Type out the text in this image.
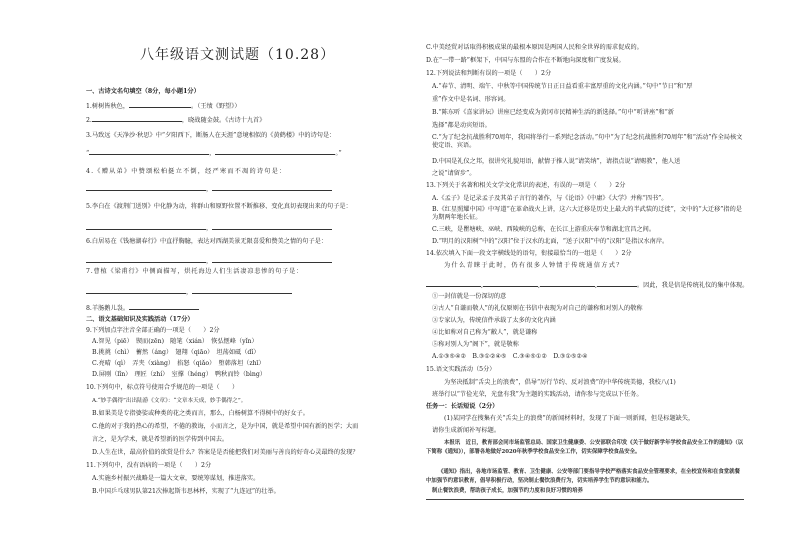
八年级语文测试题（10.28）
一、古诗文名句填空（8分，每小题1分）
1.树树皆秋色，	。（王绩《野望》）
2.	，晓战随金鼓。《古诗十九首》
3.马致远《天净沙·秋思》中“夕阳西下，断肠人在天涯”意境相似的《黄鹤楼》中的诗句是：
“	，	。”
4.《赠从弟》中赞颂松柏挺立不倒，经严寒而不凋的诗句是：
，
5.李白在《渡荆门送别》中化静为动，将群山和原野位置不断推移、变化真切表现出来的句子是：
，
6.白居易在《钱塘湖春行》中直抒胸臆，表达对西湖美景无限喜爱和赞美之情的句子是：
，
7.曹植《梁甫行》中侧面描写，烘托海边人们生活凄凉悲惨的句子是：
，
8.羊肠鹅儿袅。
二、语文基础知识及实践活动（17分）
9.下列加点字注音全部正确的一项是（　　）2分
A.智见（piē）　锲而(zēn)　随笔（xián）　恢弘惬峰（yǐn）
B.挑挑（chì）　蓄然（áng）　翅翔（qiāo）　坦荡如砥（dǐ）
C.亮晴（qì）　弄夹（xiàng）　掐怒（qiǎo）　堕韩落坦（zhī）
D.屏刚（lǐn）　理匠（zhí）　室撑（héng）　鸭秋而铃（bìng）
10.下列句中，标点符号使用合乎规范的一项是（　　）
A.“妙手偶得”出出陆游《文章》：“文章本天成，妙手偶得之”。
B.如果美是专指婆娑或种类的花之类而言，那么，白杨树算不得树中的好女子。
C.他的对于我的热心的希望，不倦的教诲，小而言之，是为中国，就是希望中国有新的医学；大而
言之，是为学术，就是希望新的医学传到中国去。
D.人生在世，最高价值的欲赏是什么？答案是是否能把我们对美丽与善良的好奇心灵最终的发现？
11.下列句中，没有语病的一项是（　　）2分
A.实施乡村振兴战略是一篇大文章，要统筹谋划，推进落实。
B.中国乒乓球男队第21次捧起斯韦思林杯，实现了“九连冠”的壮举。
C.中美经贸对话取得积极成果的最根本原因是两国人民和全世界的需求促成的。
D.在“一带一路”框架下，中国与东盟的合作在不断地向深度和广度发展。
12.下列说法和判断有误的一项是（　　）2分
A.“春节、清明、端午、中秋等中国传统节日正日益看重丰富厚重的文化内涵。”句中“节日”和“厚
重”作文中是名词、形容词。
B.“陈东听《喜家讲坛》讲座已经变成为黄冈市民精神生活的新选择。”句中“听讲座”和“新
选择”都是动宾短语。
C.“为了纪念抗战胜利70周年，我国将举行一系列纪念活动。”句中“为了纪念抗战胜利70周年”和“活动”作全局核文使定语、宾语。
D.中国是礼仪之邦，很讲究礼貌用语，献情于推人说“请笑纳”，请指点说“请赐教”，他人送
之说“请留步”。
13.下列关于名著和相关文学文化常识的表述，有误的一项是（　　）2分
A.《孟子》是记录孟子及其弟子言行的著作，与《论语》《中庸》《大学》并称“四书”。
B.《红星照耀中国》中写道“在革命战火上讲，这六大迁移是历史上最大的半武装的迁徙”，文中的“大迁移”指的是为期两年地长征。
C.三峡，是瞿塘峡、巫峡、西陵峡的总称，在长江上游重庆奉节和湖北宜昌之间。
D.“明月的汉阳树”中的“汉阳”位于汉水的北面，“送子汉阳”中的“汉阳”是指汉水南岸。
14.依次填入下面一段文字横线处的语句，衔接最恰当的一组是（　　）2分
为什么青睐于此时，仍有很多人钟情于传统通信方式？
,	,	,	。因此，我是信是传统礼仪的集中体现。
①一封信就是一份深切的意
②古人“自谦而敬人”的礼仪原则在书信中表现为对自己的谦称和对别人的敬称
③专家认为，传统信件承载了太多的文化内涵
④比如称对自己称为“敝人”，就是谦称
⑤称对别人为“阁下”，就是敬称
A.①③⑤④②　B.③①②④⑤　C.③④⑤①②　D.③①⑤②④
15.语文实践活动（5分）
为坚决抵制“舌尖上的浪费”，倡导“厉行节约、反对浪费”的中华传统美德，我校八(1)
班举行以“节俭光荣，光盘有我”为主题的实践活动，请你参与完成以下任务。
任务一：长话短说（2分）
(1)某同学在搜集有关“舌尖上的浪费”的新闻材料时，发现了下面一则新闻，但是标题缺失，
请你生成新闻补写标题。
本报讯　近日，教育部会同市场监管总局、国家卫生健康委、公安部联合印发《关于做好新学年学校食品安全工作的通知》（以下简称《通知》），部署各地做好2020年秋季学校食品安全工作，切实保障学校食品安全。
《通知》指出，各地市场监管、教育、卫生健康、公安等部门要指导学校严格落实食品安全管理要求，在全校宣传和在食堂就餐中加强节约意识教育，倡导积极行动，坚决制止餐饮浪费行为，切实培养学生节约意识和能力。
制止餐饮浪费，帮助孩子成长，加强节约力度和良好习惯的培养
